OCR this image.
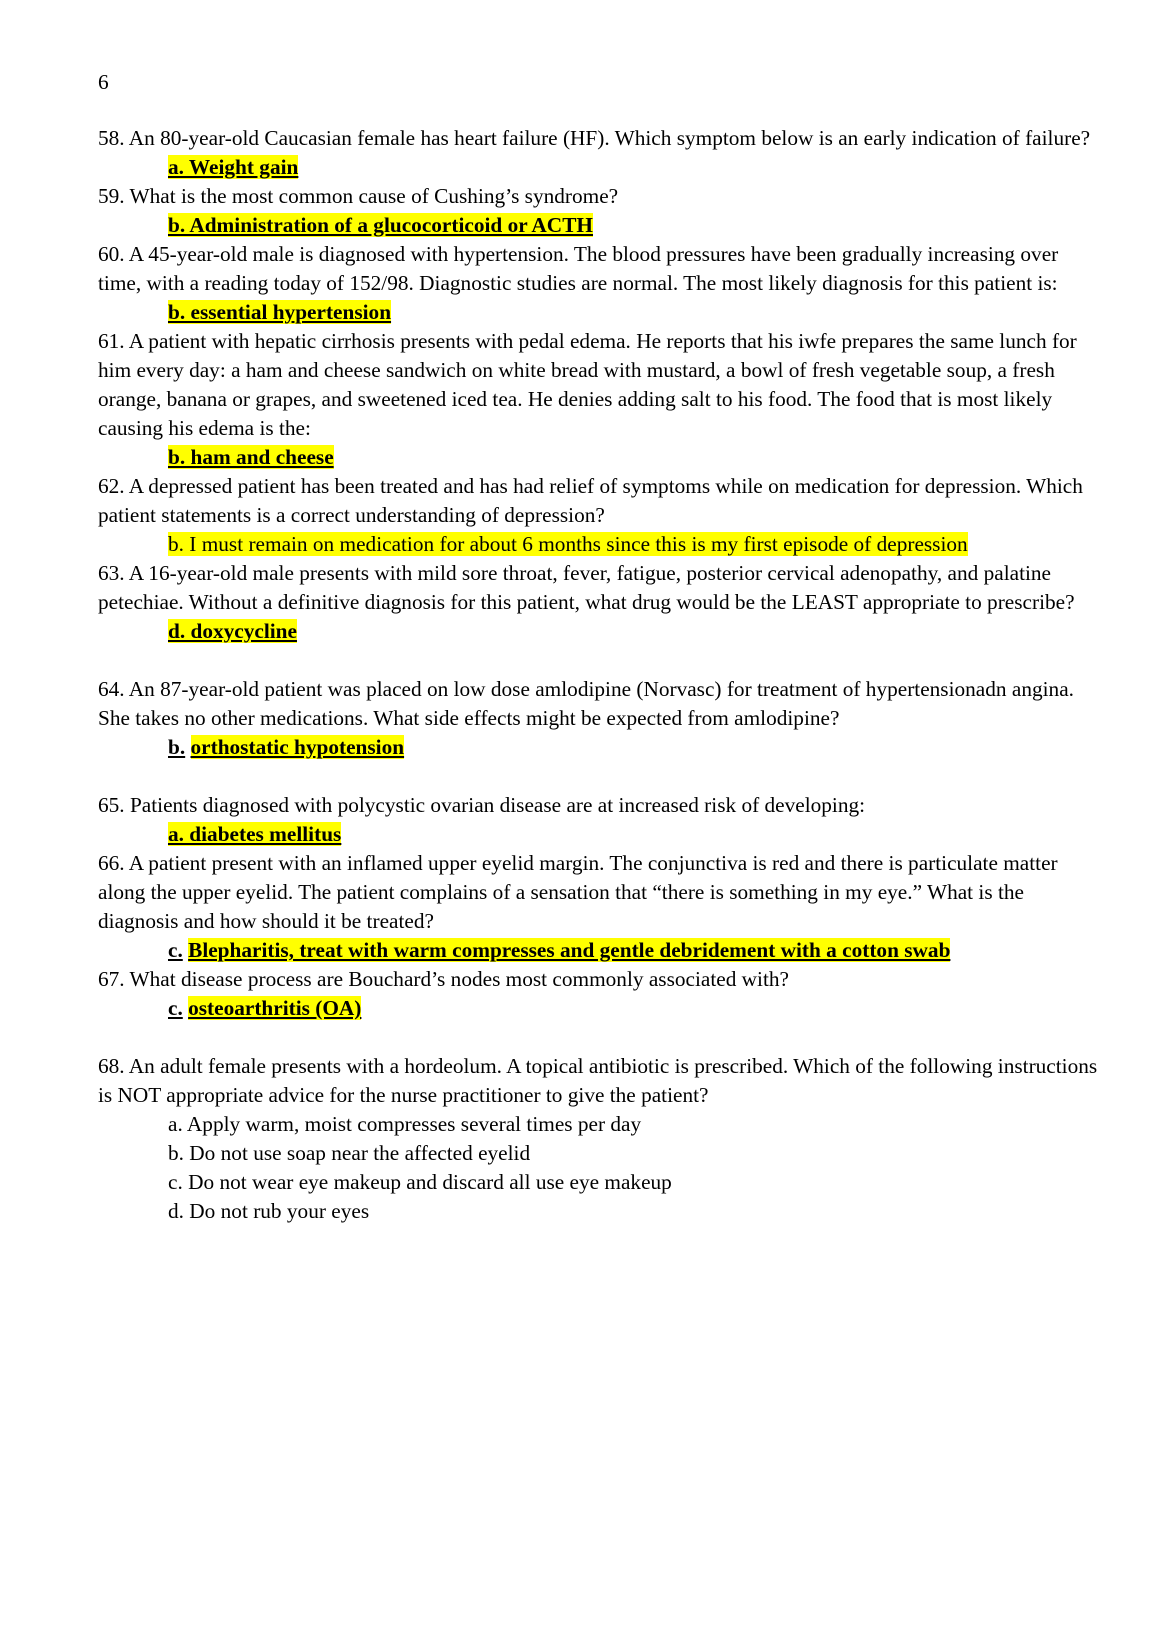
6

58. An 80-year-old Caucasian female has heart failure (HF). Which symptom below is an early indication of failure?

a. Weight gain

59. What is the most common cause of Cushing’s syndrome?

b. Administration of a glucocorticoid or ACTH

60. A 45-year-old male is diagnosed with hypertension. The blood pressures have been gradually increasing over time, with a reading today of 152/98. Diagnostic studies are normal. The most likely diagnosis for this patient is:

b. essential hypertension

61. A patient with hepatic cirrhosis presents with pedal edema. He reports that his iwfe prepares the same lunch for him every day: a ham and cheese sandwich on white bread with mustard, a bowl of fresh vegetable soup, a fresh orange, banana or grapes, and sweetened iced tea. He denies adding salt to his food. The food that is most likely causing his edema is the:

b. ham and cheese

62. A depressed patient has been treated and has had relief of symptoms while on medication for depression. Which patient statements is a correct understanding of depression?

b. I must remain on medication for about 6 months since this is my first episode of depression

63. A 16-year-old male presents with mild sore throat, fever, fatigue, posterior cervical adenopathy, and palatine petechiae. Without a definitive diagnosis for this patient, what drug would be the LEAST appropriate to prescribe?

d. doxycycline

64. An 87-year-old patient was placed on low dose amlodipine (Norvasc) for treatment of hypertensionadn angina. She takes no other medications. What side effects might be expected from amlodipine?

b. orthostatic hypotension

65. Patients diagnosed with polycystic ovarian disease are at increased risk of developing:

a. diabetes mellitus

66. A patient present with an inflamed upper eyelid margin. The conjunctiva is red and there is particulate matter along the upper eyelid. The patient complains of a sensation that “there is something in my eye.” What is the diagnosis and how should it be treated?

c. Blepharitis, treat with warm compresses and gentle debridement with a cotton swab

67. What disease process are Bouchard’s nodes most commonly associated with?

c. osteoarthritis (OA)

68. An adult female presents with a hordeolum. A topical antibiotic is prescribed. Which of the following instructions is NOT appropriate advice for the nurse practitioner to give the patient?

a. Apply warm, moist compresses several times per day

b. Do not use soap near the affected eyelid

c. Do not wear eye makeup and discard all use eye makeup

d. Do not rub your eyes
